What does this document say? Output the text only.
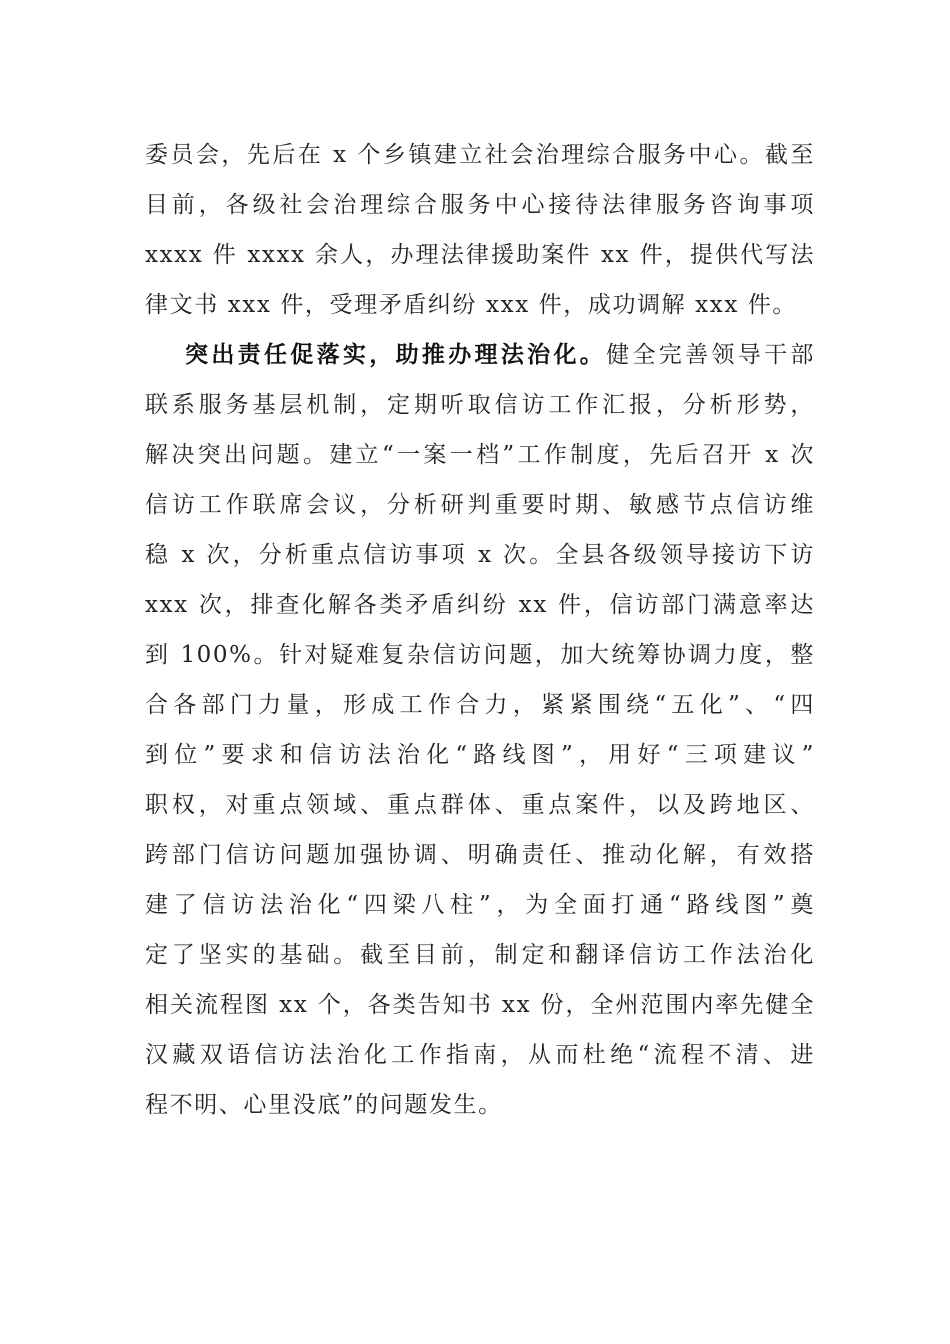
委员会，先后在 x 个乡镇建立社会治理综合服务中心。截至
目前，各级社会治理综合服务中心接待法律服务咨询事项
xxxx 件 xxxx 余人，办理法律援助案件 xx 件，提供代写法
律文书 xxx 件，受理矛盾纠纷 xxx 件，成功调解 xxx 件。
突出责任促落实，助推办理法治化。健全完善领导干部
联系服务基层机制，定期听取信访工作汇报，分析形势，
解决突出问题。建立“一案一档”工作制度，先后召开 x 次
信访工作联席会议，分析研判重要时期、敏感节点信访维
稳 x 次，分析重点信访事项 x 次。全县各级领导接访下访
xxx 次，排查化解各类矛盾纠纷 xx 件，信访部门满意率达
到 100%。针对疑难复杂信访问题，加大统筹协调力度，整
合各部门力量，形成工作合力，紧紧围绕“五化”、“四
到位”要求和信访法治化“路线图”，用好“三项建议”
职权，对重点领域、重点群体、重点案件，以及跨地区、
跨部门信访问题加强协调、明确责任、推动化解，有效搭
建了信访法治化“四梁八柱”，为全面打通“路线图”奠
定了坚实的基础。截至目前，制定和翻译信访工作法治化
相关流程图 xx 个，各类告知书 xx 份，全州范围内率先健全
汉藏双语信访法治化工作指南，从而杜绝“流程不清、进
程不明、心里没底”的问题发生。
